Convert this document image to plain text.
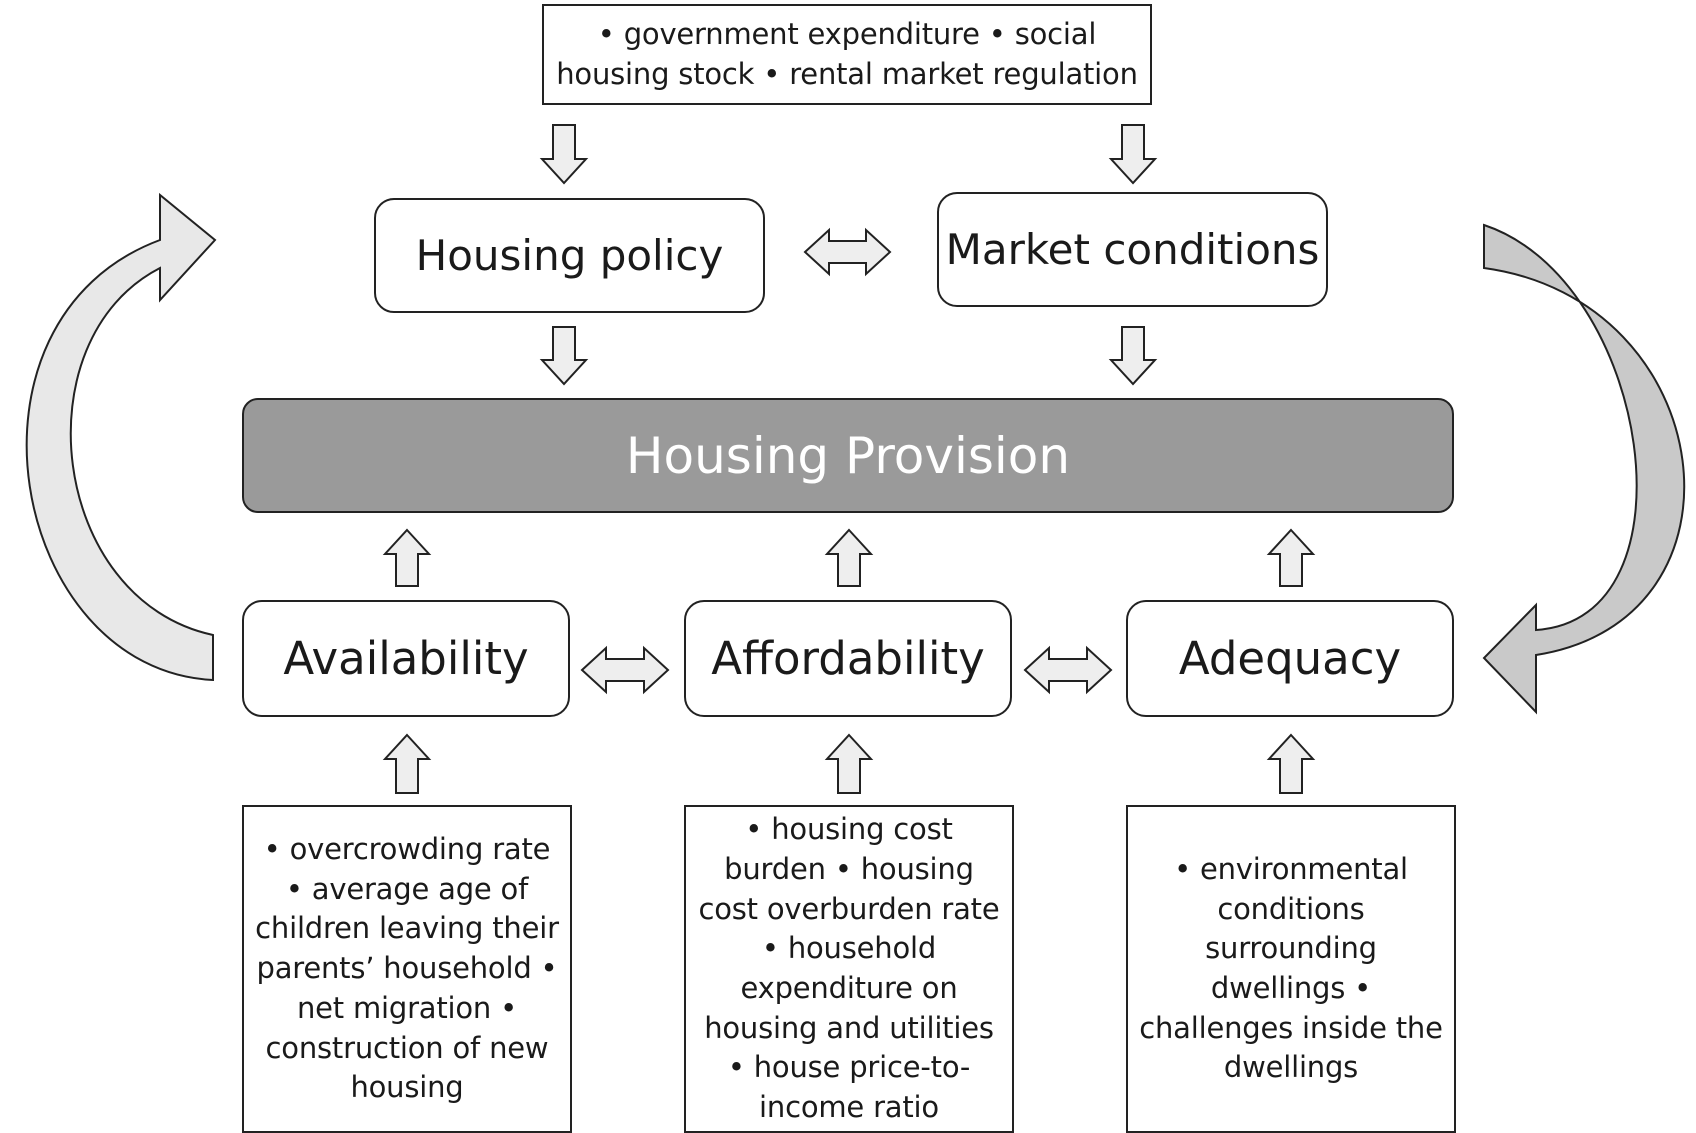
• government expenditure • social
housing stock • rental market regulation
Housing policy	Market conditions
Housing Provision
Availability	Affordability	Adequacy
• overcrowding rate
• average age of
children leaving their
parents’ household •
net migration •
construction of new
housing
• housing cost
burden • housing
cost overburden rate
• household
expenditure on
housing and utilities
• house price-to-
income ratio
• environmental
conditions
surrounding
dwellings •
challenges inside the
dwellings
